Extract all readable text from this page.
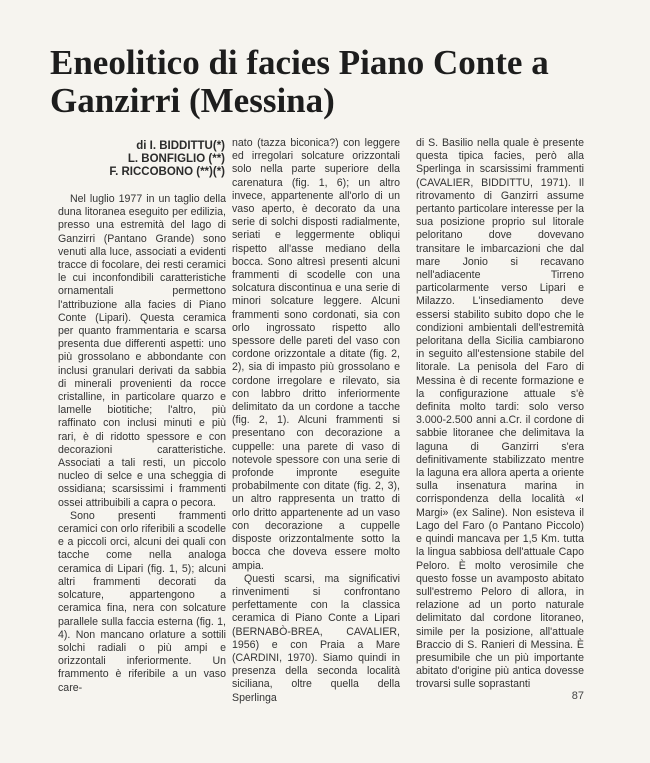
Eneolitico di facies Piano Conte a Ganzirri (Messina)
di I. BIDDITTU(*)
L. BONFIGLIO (**)
F. RICCOBONO (**)(*)

Nel luglio 1977 in un taglio della duna litoranea eseguito per edilizia, presso una estremità del lago di Ganzirri (Pantano Grande) sono venuti alla luce, associati a evidenti tracce di focolare, dei resti ceramici le cui inconfondibili caratteristiche ornamentali permettono l'attribuzione alla facies di Piano Conte (Lipari). Questa ceramica per quanto frammentaria e scarsa presenta due differenti aspetti: uno più grossolano e abbondante con inclusi granulari derivati da sabbia di minerali provenienti da rocce cristalline, in particolare quarzo e lamelle biotitiche; l'altro, più raffinato con inclusi minuti e più rari, è di ridotto spessore e con decorazioni caratteristiche. Associati a tali resti, un piccolo nucleo di selce e una scheggia di ossidiana; scarsissimi i frammenti ossei attribuibili a capra o pecora.

Sono presenti frammenti ceramici con orlo riferibili a scodelle e a piccoli orci, alcuni dei quali con tacche come nella analoga ceramica di Lipari (fig. 1, 5); alcuni altri frammenti decorati da solcature, appartengono a ceramica fina, nera con solcature parallele sulla faccia esterna (fig. 1, 4). Non mancano orlature a sottili solchi radiali o più ampi e orizzontali inferiormente. Un frammento è riferibile a un vaso care-

nato (tazza biconica?) con leggere ed irregolari solcature orizzontali solo nella parte superiore della carenatura (fig. 1, 6); un altro invece, appartenente all'orlo di un vaso aperto, è decorato da una serie di solchi disposti radialmente, seriati e leggermente obliqui rispetto all'asse mediano della bocca. Sono altresì presenti alcuni frammenti di scodelle con una solcatura discontinua e una serie di minori solcature leggere. Alcuni frammenti sono cordonati, sia con orlo ingrossato rispetto allo spessore delle pareti del vaso con cordone orizzontale a ditate (fig. 2, 2), sia di impasto più grossolano e cordone irregolare e rilevato, sia con labbro dritto inferiormente delimitato da un cordone a tacche (fig. 2, 1). Alcuni frammenti si presentano con decorazione a cuppelle: una parete di vaso di notevole spessore con una serie di profonde impronte eseguite probabilmente con ditate (fig. 2, 3), un altro rappresenta un tratto di orlo dritto appartenente ad un vaso con decorazione a cuppelle disposte orizzontalmente sotto la bocca che doveva essere molto ampia.

Questi scarsi, ma significativi rinvenimenti si confrontano perfettamente con la classica ceramica di Piano Conte a Lipari (BERNABÒ-BREA, CAVALIER, 1956) e con Praia a Mare (CARDINI, 1970). Siamo quindi in presenza della seconda località siciliana, oltre quella della Sperlinga

di S. Basilio nella quale è presente questa tipica facies, però alla Sperlinga in scarsissimi frammenti (CAVALIER, BIDDITTU, 1971). Il ritrovamento di Ganzirri assume pertanto particolare interesse per la sua posizione proprio sul litorale peloritano dove dovevano transitare le imbarcazioni che dal mare Jonio si recavano nell'adiacente Tirreno particolarmente verso Lipari e Milazzo. L'insediamento deve essersi stabilito subito dopo che le condizioni ambientali dell'estremità peloritana della Sicilia cambiarono in seguito all'estensione stabile del litorale. La penisola del Faro di Messina è di recente formazione e la configurazione attuale s'è definita molto tardi: solo verso 3.000-2.500 anni a.Cr. il cordone di sabbie litoranee che delimitava la laguna di Ganzirri s'era definitivamente stabilizzato mentre la laguna era allora aperta a oriente sulla insenatura marina in corrispondenza della località «I Margi» (ex Saline). Non esisteva il Lago del Faro (o Pantano Piccolo) e quindi mancava per 1,5 Km. tutta la lingua sabbiosa dell'attuale Capo Peloro. È molto verosimile che questo fosse un avamposto abitato sull'estremo Peloro di allora, in relazione ad un porto naturale delimitato dal cordone litoraneo, simile per la posizione, all'attuale Braccio di S. Ranieri di Messina. È presumibile che un più importante abitato d'origine più antica dovesse trovarsi sulle soprastanti

87
